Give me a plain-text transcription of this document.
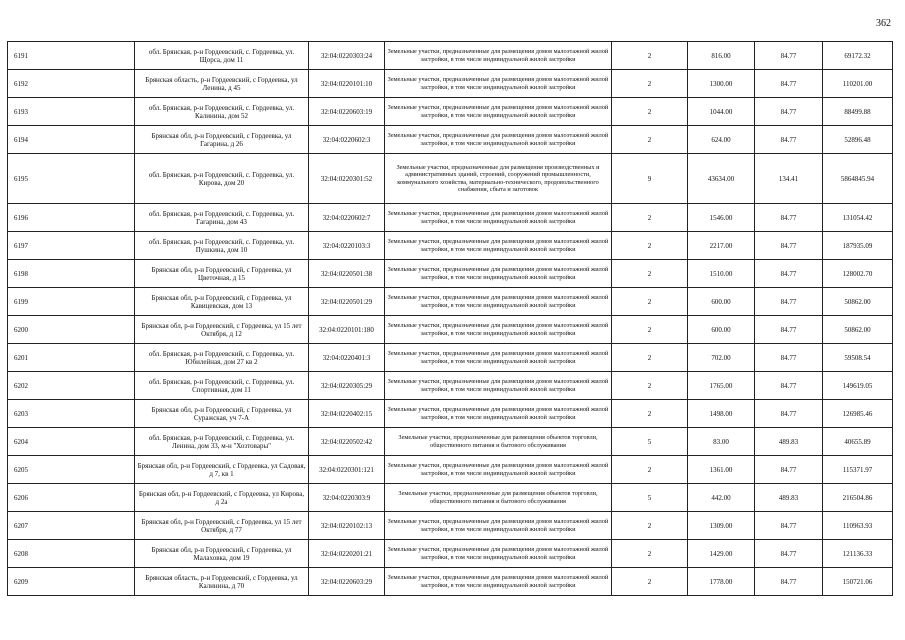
362
6191	обл. Брянская, р-н Гордеевский, с. Гордеевка, ул. Щорса, дом 11	32:04:0220303:24	Земельные участки, предназначенные для размещения домов малоэтажной жилой застройки, в том числе индивидуальной жилой застройки	2	816.00	84.77	69172.32
6192	Брянская область, р-н Гордеевский, с Гордеевка, ул Ленина, д 45	32:04:0220101:10	Земельные участки, предназначенные для размещения домов малоэтажной жилой застройки, в том числе индивидуальной жилой застройки	2	1300.00	84.77	110201.00
6193	обл. Брянская, р-н Гордеевский, с. Гордеевка, ул. Калинина, дом 52	32:04:0220603:19	Земельные участки, предназначенные для размещения домов малоэтажной жилой застройки, в том числе индивидуальной жилой застройки	2	1044.00	84.77	88499.88
6194	Брянская обл, р-н Гордеевский, с Гордеевка, ул Гагарина, д 26	32:04:0220602:3	Земельные участки, предназначенные для размещения домов малоэтажной жилой застройки, в том числе индивидуальной жилой застройки	2	624.00	84.77	52896.48
6195	обл. Брянская, р-н Гордеевский, с. Гордеевка, ул. Кирова, дом 20	32:04:0220301:52	Земельные участки, предназначенные для размещения производственных и административных зданий, строений, сооружений промышленности, коммунального хозяйства, материально-технического, продовольственного снабжения, сбыта и заготовок	9	43634.00	134.41	5864845.94
6196	обл. Брянская, р-н Гордеевский, с. Гордеевка, ул. Гагарина, дом 43	32:04:0220602:7	Земельные участки, предназначенные для размещения домов малоэтажной жилой застройки, в том числе индивидуальной жилой застройки	2	1546.00	84.77	131054.42
6197	обл. Брянская, р-н Гордеевский, с. Гордеевка, ул. Пушкина, дом 10	32:04:0220103:3	Земельные участки, предназначенные для размещения домов малоэтажной жилой застройки, в том числе индивидуальной жилой застройки	2	2217.00	84.77	187935.09
6198	Брянская обл, р-н Гордеевский, с Гордеевка, ул Цветочная, д 15	32:04:0220501:38	Земельные участки, предназначенные для размещения домов малоэтажной жилой застройки, в том числе индивидуальной жилой застройки	2	1510.00	84.77	128002.70
6199	Брянская обл, р-н Гордеевский, с Гордеевка, ул Кавицевская, дом 13	32:04:0220501:29	Земельные участки, предназначенные для размещения домов малоэтажной жилой застройки, в том числе индивидуальной жилой застройки	2	600.00	84.77	50862.00
6200	Брянская обл, р-н Гордеевский, с Гордеевка, ул 15 лет Октября, д 12	32:04:0220101:180	Земельные участки, предназначенные для размещения домов малоэтажной жилой застройки, в том числе индивидуальной жилой застройки	2	600.00	84.77	50862.00
6201	обл. Брянская, р-н Гордеевский, с. Гордеевка, ул. Юбилейная, дом 27 кв 2	32:04:0220401:3	Земельные участки, предназначенные для размещения домов малоэтажной жилой застройки, в том числе индивидуальной жилой застройки	2	702.00	84.77	59508.54
6202	обл. Брянская, р-н Гордеевский, с. Гордеевка, ул. Спортивная, дом 11	32:04:0220305:29	Земельные участки, предназначенные для размещения домов малоэтажной жилой застройки, в том числе индивидуальной жилой застройки	2	1765.00	84.77	149619.05
6203	Брянская обл, р-н Гордеевский, с Гордеевка, ул Суражская, уч 7-А	32:04:0220402:15	Земельные участки, предназначенные для размещения домов малоэтажной жилой застройки, в том числе индивидуальной жилой застройки	2	1498.00	84.77	126985.46
6204	обл. Брянская, р-н Гордеевский, с. Гордеевка, ул. Ленина, дом 33, м-н "Хозтовары"	32:04:0220502:42	Земельные участки, предназначенные для размещения объектов торговли, общественного питания и бытового обслуживания	5	83.00	489.83	40655.89
6205	Брянская обл, р-н Гордеевский, с Гордеевка, ул Садовая, д 7, кв 1	32:04:0220301:121	Земельные участки, предназначенные для размещения домов малоэтажной жилой застройки, в том числе индивидуальной жилой застройки	2	1361.00	84.77	115371.97
6206	Брянская обл, р-н Гордеевский, с Гордеевка, ул Кирова, д 2а	32:04:0220303:9	Земельные участки, предназначенные для размещения объектов торговли, общественного питания и бытового обслуживания	5	442.00	489.83	216504.86
6207	Брянская обл, р-н Гордеевский, с Гордеевка, ул 15 лет Октября, д 77	32:04:0220102:13	Земельные участки, предназначенные для размещения домов малоэтажной жилой застройки, в том числе индивидуальной жилой застройки	2	1309.00	84.77	110963.93
6208	Брянская обл, р-н Гордеевский, с Гордеевка, ул Малаховка, дом 19	32:04:0220201:21	Земельные участки, предназначенные для размещения домов малоэтажной жилой застройки, в том числе индивидуальной жилой застройки	2	1429.00	84.77	121136.33
6209	Брянская область, р-н Гордеевский, с Гордеевка, ул Калинина, д 70	32:04:0220603:29	Земельные участки, предназначенные для размещения домов малоэтажной жилой застройки, в том числе индивидуальной жилой застройки	2	1778.00	84.77	150721.06
